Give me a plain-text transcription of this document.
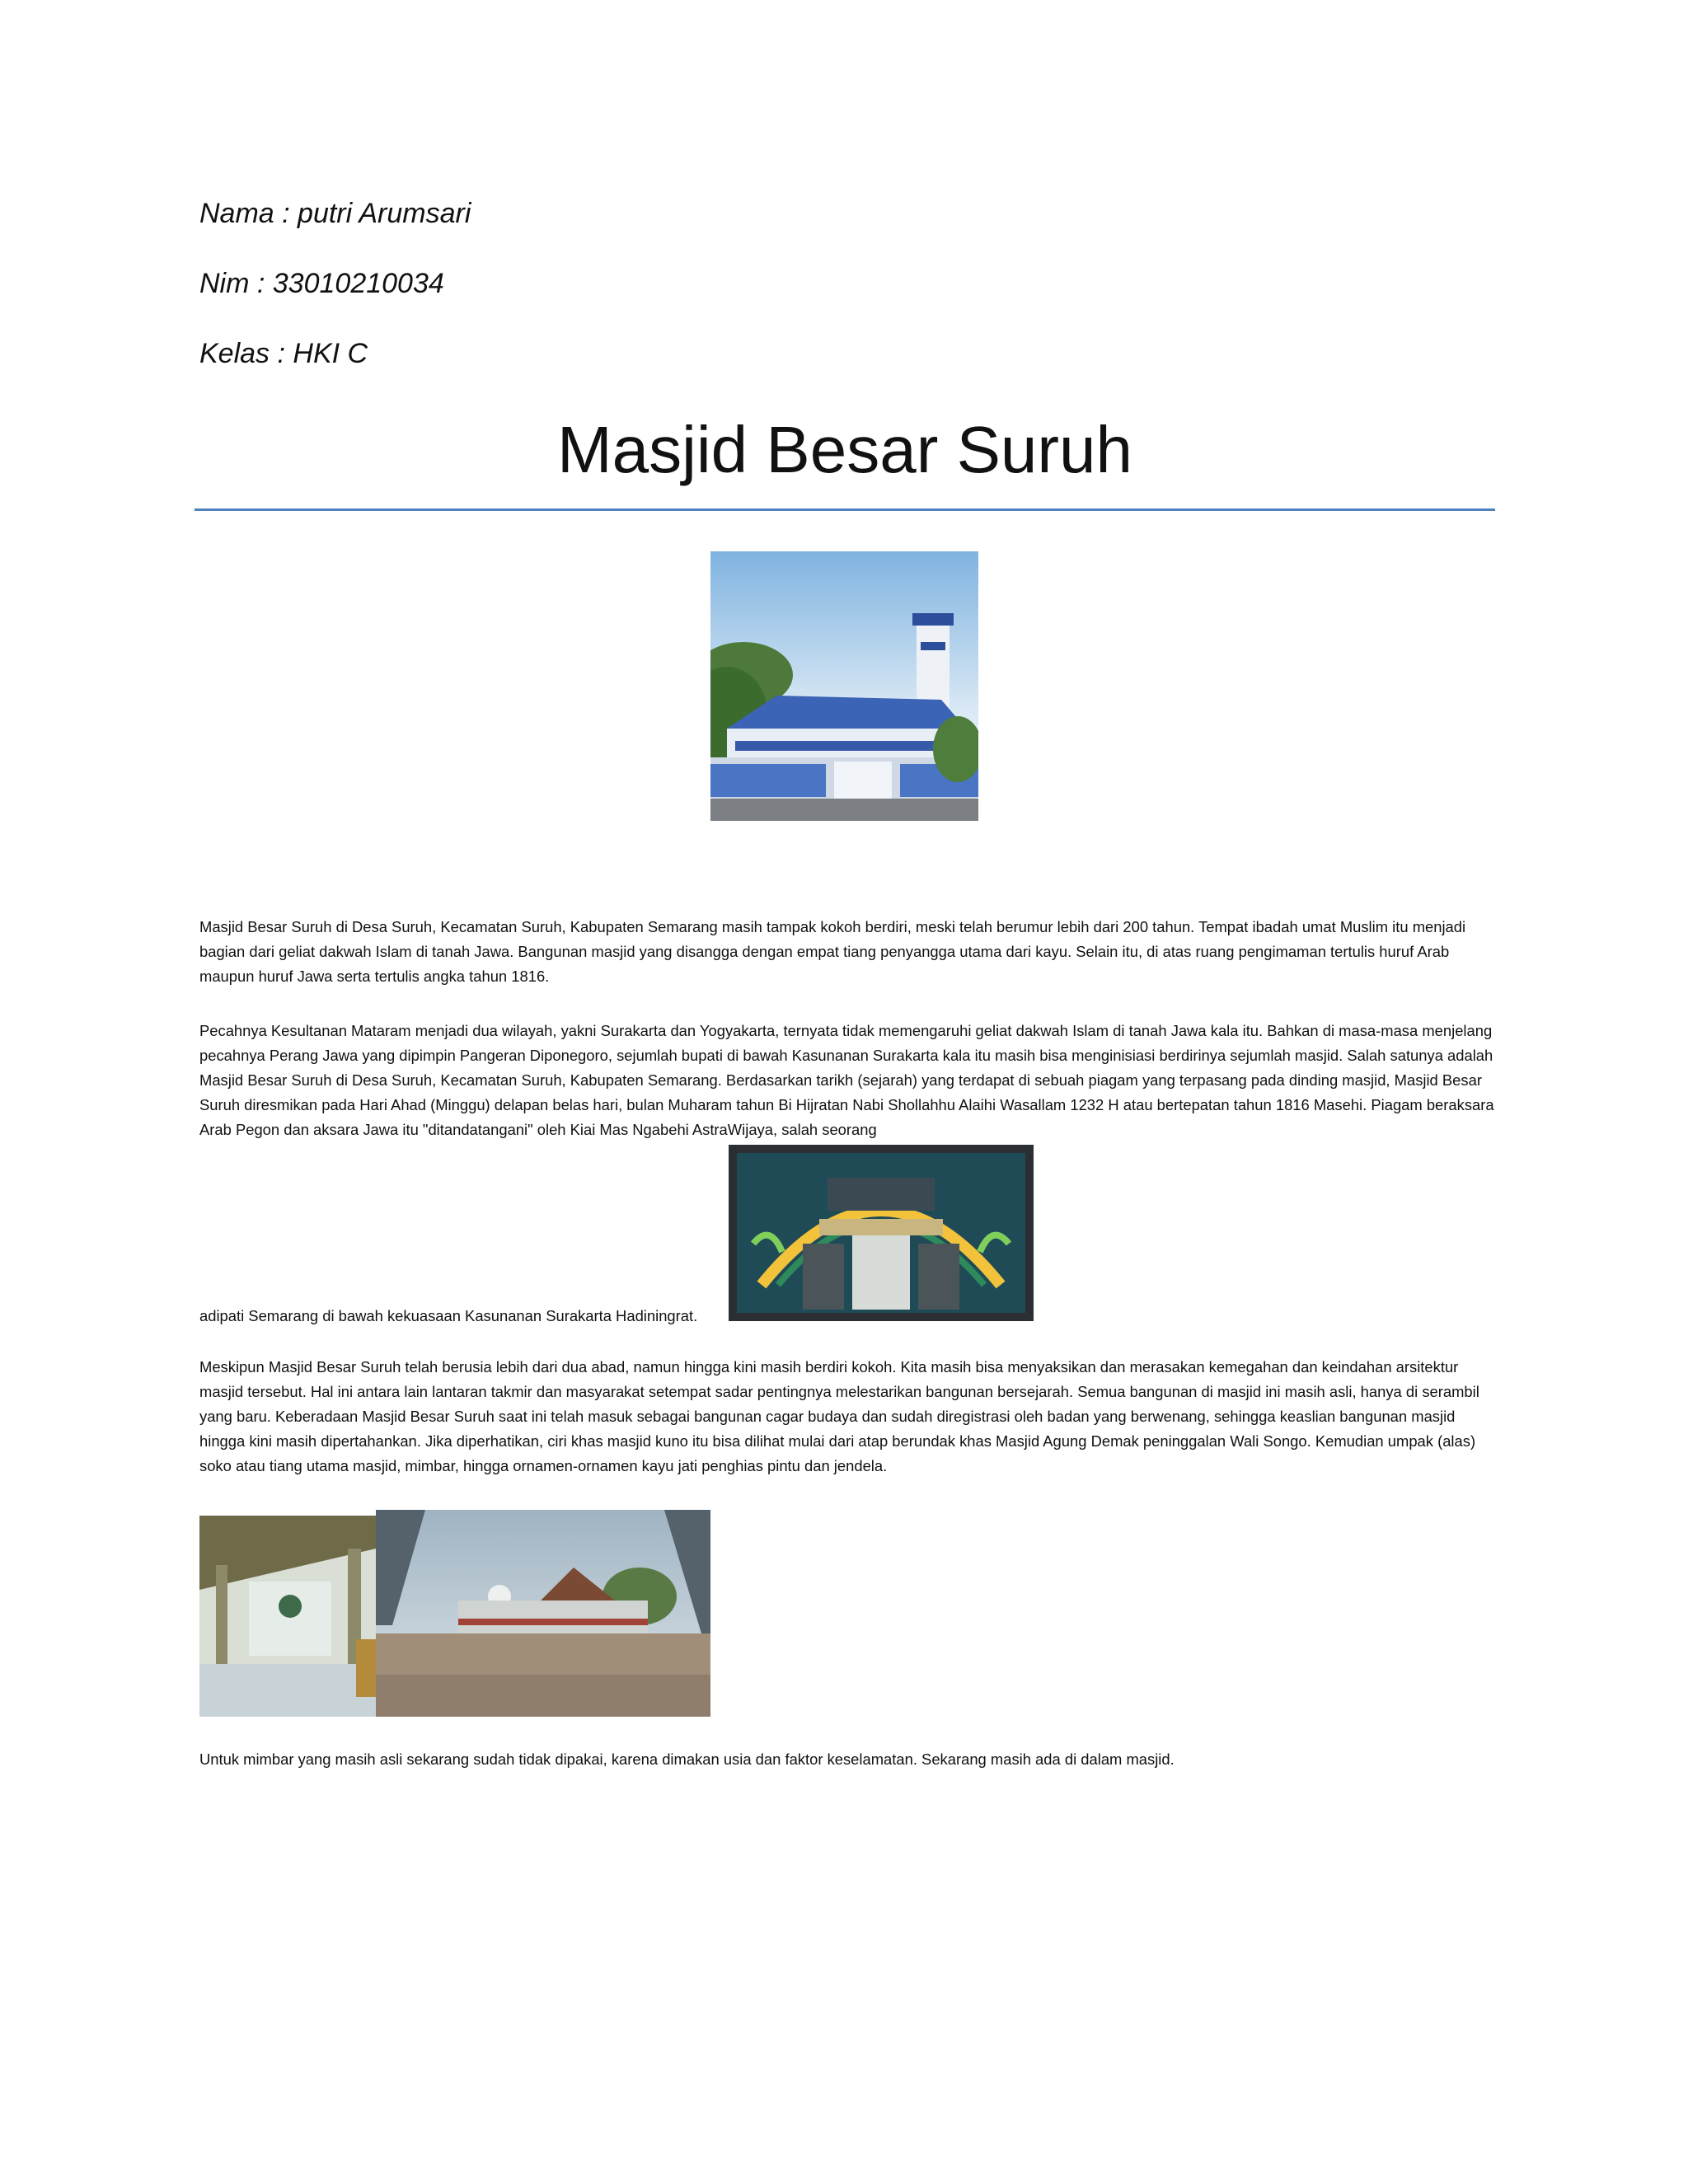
Nama : putri Arumsari
Nim : 33010210034
Kelas : HKI C
Masjid Besar Suruh

Masjid Besar Suruh di Desa Suruh, Kecamatan Suruh, Kabupaten Semarang masih tampak kokoh berdiri, meski telah berumur lebih dari 200 tahun. Tempat ibadah umat Muslim itu menjadi bagian dari geliat dakwah Islam di tanah Jawa. Bangunan masjid yang disangga dengan empat tiang penyangga utama dari kayu. Selain itu, di atas ruang pengimaman tertulis huruf Arab maupun huruf Jawa serta tertulis angka tahun 1816.

Pecahnya Kesultanan Mataram menjadi dua wilayah, yakni Surakarta dan Yogyakarta, ternyata tidak memengaruhi geliat dakwah Islam di tanah Jawa kala itu. Bahkan di masa-masa menjelang pecahnya Perang Jawa yang dipimpin Pangeran Diponegoro, sejumlah bupati di bawah Kasunanan Surakarta kala itu masih bisa menginisiasi berdirinya sejumlah masjid. Salah satunya adalah Masjid Besar Suruh di Desa Suruh, Kecamatan Suruh, Kabupaten Semarang. Berdasarkan tarikh (sejarah) yang terdapat di sebuah piagam yang terpasang pada dinding masjid, Masjid Besar Suruh diresmikan pada Hari Ahad (Minggu) delapan belas hari, bulan Muharam tahun Bi Hijratan Nabi Shollahhu Alaihi Wasallam 1232 H atau bertepatan tahun 1816 Masehi. Piagam beraksara Arab Pegon dan aksara Jawa itu "ditandatangani" oleh Kiai Mas Ngabehi AstraWijaya, salah seorang

adipati Semarang di bawah kekuasaan Kasunanan Surakarta Hadiningrat.

Meskipun Masjid Besar Suruh telah berusia lebih dari dua abad, namun hingga kini masih berdiri kokoh. Kita masih bisa menyaksikan dan merasakan kemegahan dan keindahan arsitektur masjid tersebut. Hal ini antara lain lantaran takmir dan masyarakat setempat sadar pentingnya melestarikan bangunan bersejarah. Semua bangunan di masjid ini masih asli, hanya di serambil yang baru. Keberadaan Masjid Besar Suruh saat ini telah masuk sebagai bangunan cagar budaya dan sudah diregistrasi oleh badan yang berwenang, sehingga keaslian bangunan masjid hingga kini masih dipertahankan. Jika diperhatikan, ciri khas masjid kuno itu bisa dilihat mulai dari atap berundak khas Masjid Agung Demak peninggalan Wali Songo. Kemudian umpak (alas) soko atau tiang utama masjid, mimbar, hingga ornamen-ornamen kayu jati penghias pintu dan jendela.

Untuk mimbar yang masih asli sekarang sudah tidak dipakai, karena dimakan usia dan faktor keselamatan. Sekarang masih ada di dalam masjid.
